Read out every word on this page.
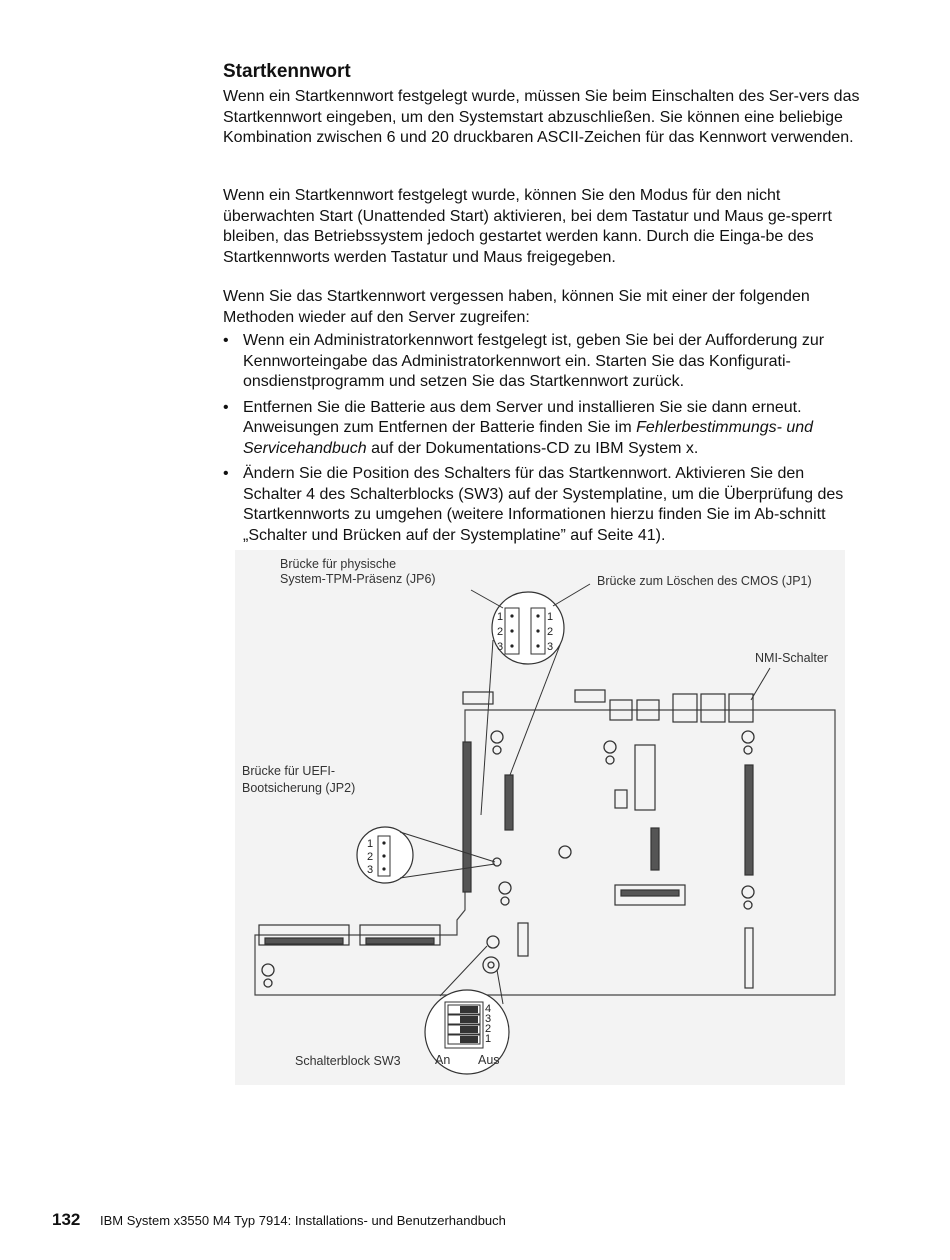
Startkennwort

Wenn ein Startkennwort festgelegt wurde, müssen Sie beim Einschalten des Ser-vers das Startkennwort eingeben, um den Systemstart abzuschließen. Sie können eine beliebige Kombination zwischen 6 und 20 druckbaren ASCII-Zeichen für das Kennwort verwenden.

Wenn ein Startkennwort festgelegt wurde, können Sie den Modus für den nicht überwachten Start (Unattended Start) aktivieren, bei dem Tastatur und Maus ge-sperrt bleiben, das Betriebssystem jedoch gestartet werden kann. Durch die Einga-be des Startkennworts werden Tastatur und Maus freigegeben.

Wenn Sie das Startkennwort vergessen haben, können Sie mit einer der folgenden Methoden wieder auf den Server zugreifen:

• Wenn ein Administratorkennwort festgelegt ist, geben Sie bei der Aufforderung zur Kennworteingabe das Administratorkennwort ein. Starten Sie das Konfigurati-onsdienstprogramm und setzen Sie das Startkennwort zurück.
• Entfernen Sie die Batterie aus dem Server und installieren Sie sie dann erneut. Anweisungen zum Entfernen der Batterie finden Sie im Fehlerbestimmungs- und Servicehandbuch auf der Dokumentations-CD zu IBM System x.
• Ändern Sie die Position des Schalters für das Startkennwort. Aktivieren Sie den Schalter 4 des Schalterblocks (SW3) auf der Systemplatine, um die Überprüfung des Startkennworts zu umgehen (weitere Informationen hierzu finden Sie im Ab-schnitt „Schalter und Brücken auf der Systemplatine” auf Seite 41).
1
2
3
1
2
3
1
2
3
4
3
2
1
An Aus
Brücke für physische
System-TPM-Präsenz (JP6)	Brücke zum Löschen des CMOS (JP1)
NMI-Schalter
Brücke für UEFI-
Bootsicherung (JP2)
Schalterblock SW3
132 IBM System x3550 M4 Typ 7914: Installations- und Benutzerhandbuch
